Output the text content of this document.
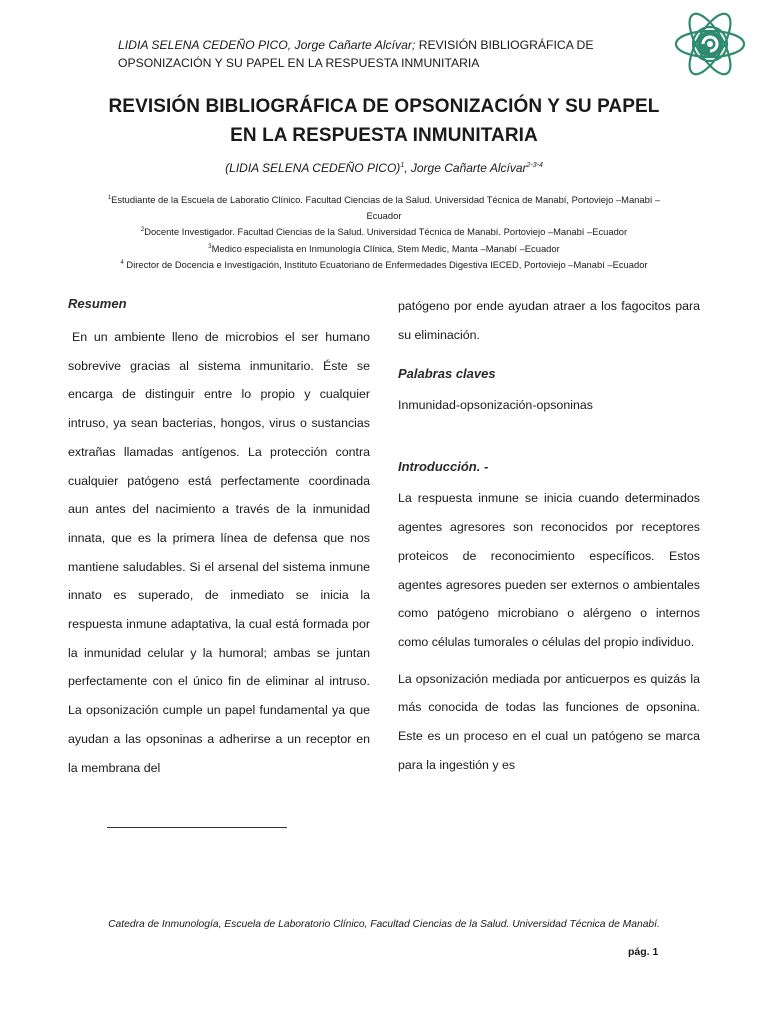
LIDIA SELENA CEDEÑO PICO, Jorge Cañarte Alcívar; REVISIÓN BIBLIOGRÁFICA DE OPSONIZACIÓN Y SU PAPEL EN LA RESPUESTA INMUNITARIA
REVISIÓN BIBLIOGRÁFICA DE OPSONIZACIÓN Y SU PAPEL
EN LA RESPUESTA INMUNITARIA
(LIDIA SELENA CEDEÑO PICO)$^1$, Jorge Cañarte Alcívar$^{2-3-4}$
$^1$Estudiante de la Escuela de Laboratio Clínico. Facultad Ciencias de la Salud. Universidad Técnica de Manabí, Portoviejo –Manabí –Ecuador
$^2$Docente Investigador. Facultad Ciencias de la Salud. Universidad Técnica de Manabí. Portoviejo –Manabí –Ecuador
$^3$Medico especialista en Inmunología Clínica, Stem Medic, Manta –Manabí –Ecuador
$^4$ Director de Docencia e Investigación, Instituto Ecuatoriano de Enfermedades Digestiva IECED, Portoviejo –Manabí –Ecuador
Resumen

En un ambiente lleno de microbios el ser humano sobrevive gracias al sistema inmunitario. Éste se encarga de distinguir entre lo propio y cualquier intruso, ya sean bacterias, hongos, virus o sustancias extrañas llamadas antígenos. La protección contra cualquier patógeno está perfectamente coordinada aun antes del nacimiento a través de la inmunidad innata, que es la primera línea de defensa que nos mantiene saludables. Si el arsenal del sistema inmune innato es superado, de inmediato se inicia la respuesta inmune adaptativa, la cual está formada por la inmunidad celular y la humoral; ambas se juntan perfectamente con el único fin de eliminar al intruso. La opsonización cumple un papel fundamental ya que ayudan a las opsoninas a adherirse a un receptor en la membrana del

patógeno por ende ayudan atraer a los fagocitos para su eliminación.

Palabras claves

Inmunidad-opsonización-opsoninas

Introducción. -

La respuesta inmune se inicia cuando determinados agentes agresores son reconocidos por receptores proteicos de reconocimiento específicos. Estos agentes agresores pueden ser externos o ambientales como patógeno microbiano o alérgeno o internos como células tumorales o células del propio individuo.

La opsonización mediada por anticuerpos es quizás la más conocida de todas las funciones de opsonina. Este es un proceso en el cual un patógeno se marca para la ingestión y es

Catedra de Inmunología, Escuela de Laboratorio Clínico, Facultad Ciencias de la Salud. Universidad Técnica de Manabí.
pág. 1
